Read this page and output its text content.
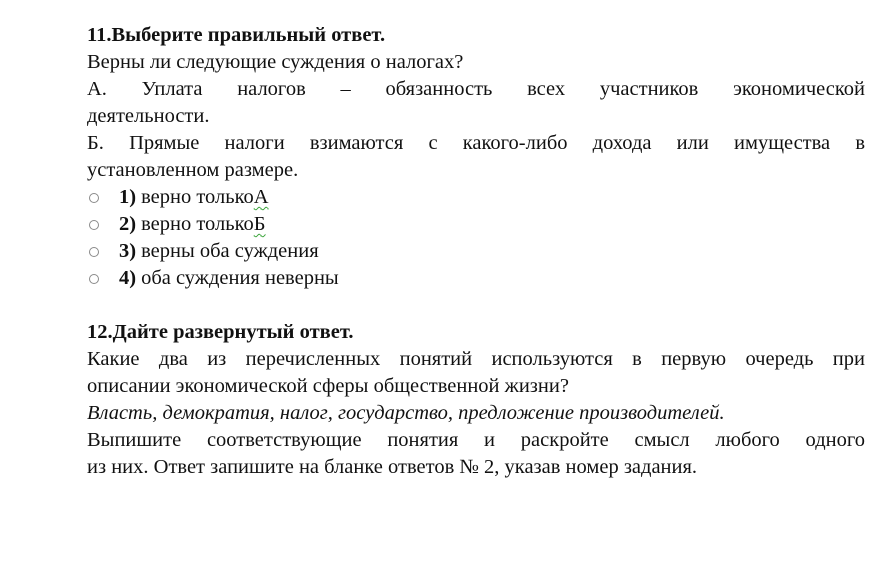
11.Выберите правильный ответ.

Верны ли следующие суждения о налогах?

А. Уплата налогов – обязанность всех участников экономической

деятельности.

Б. Прямые налоги взимаются с какого-либо дохода или имущества в

установленном размере.

1) верно только А
2) верно только Б
3) верны оба суждения
4) оба суждения неверны

12.Дайте развернутый ответ.

Какие два из перечисленных понятий используются в первую очередь при

описании экономической сферы общественной жизни?

Власть, демократия, налог, государство, предложение производителей.

Выпишите соответствующие понятия и раскройте смысл любого одного

из них. Ответ запишите на бланке ответов № 2, указав номер задания.
